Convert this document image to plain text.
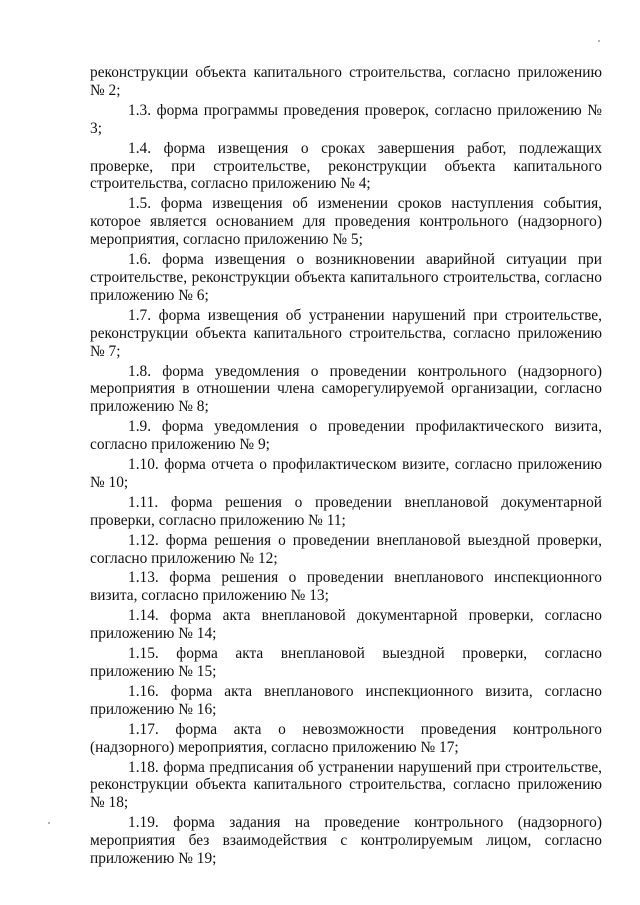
реконструкции объекта капитального строительства, согласно приложению № 2;

1.3. форма программы проведения проверок, согласно приложению № 3;

1.4. форма извещения о сроках завершения работ, подлежащих проверке, при строительстве, реконструкции объекта капитального строительства, согласно приложению № 4;

1.5. форма извещения об изменении сроков наступления события, которое является основанием для проведения контрольного (надзорного) мероприятия, согласно приложению № 5;

1.6. форма извещения о возникновении аварийной ситуации при строительстве, реконструкции объекта капитального строительства, согласно приложению № 6;

1.7. форма извещения об устранении нарушений при строительстве, реконструкции объекта капитального строительства, согласно приложению № 7;

1.8. форма уведомления о проведении контрольного (надзорного) мероприятия в отношении члена саморегулируемой организации, согласно приложению № 8;

1.9. форма уведомления о проведении профилактического визита, согласно приложению № 9;

1.10. форма отчета о профилактическом визите, согласно приложению № 10;

1.11. форма решения о проведении внеплановой документарной проверки, согласно приложению № 11;

1.12. форма решения о проведении внеплановой выездной проверки, согласно приложению № 12;

1.13. форма решения о проведении внепланового инспекционного визита, согласно приложению № 13;

1.14. форма акта внеплановой документарной проверки, согласно приложению № 14;

1.15. форма акта внеплановой выездной проверки, согласно приложению № 15;

1.16. форма акта внепланового инспекционного визита, согласно приложению № 16;

1.17. форма акта о невозможности проведения контрольного (надзорного) мероприятия, согласно приложению № 17;

1.18. форма предписания об устранении нарушений при строительстве, реконструкции объекта капитального строительства, согласно приложению № 18;

1.19. форма задания на проведение контрольного (надзорного) мероприятия без взаимодействия с контролируемым лицом, согласно приложению № 19;
